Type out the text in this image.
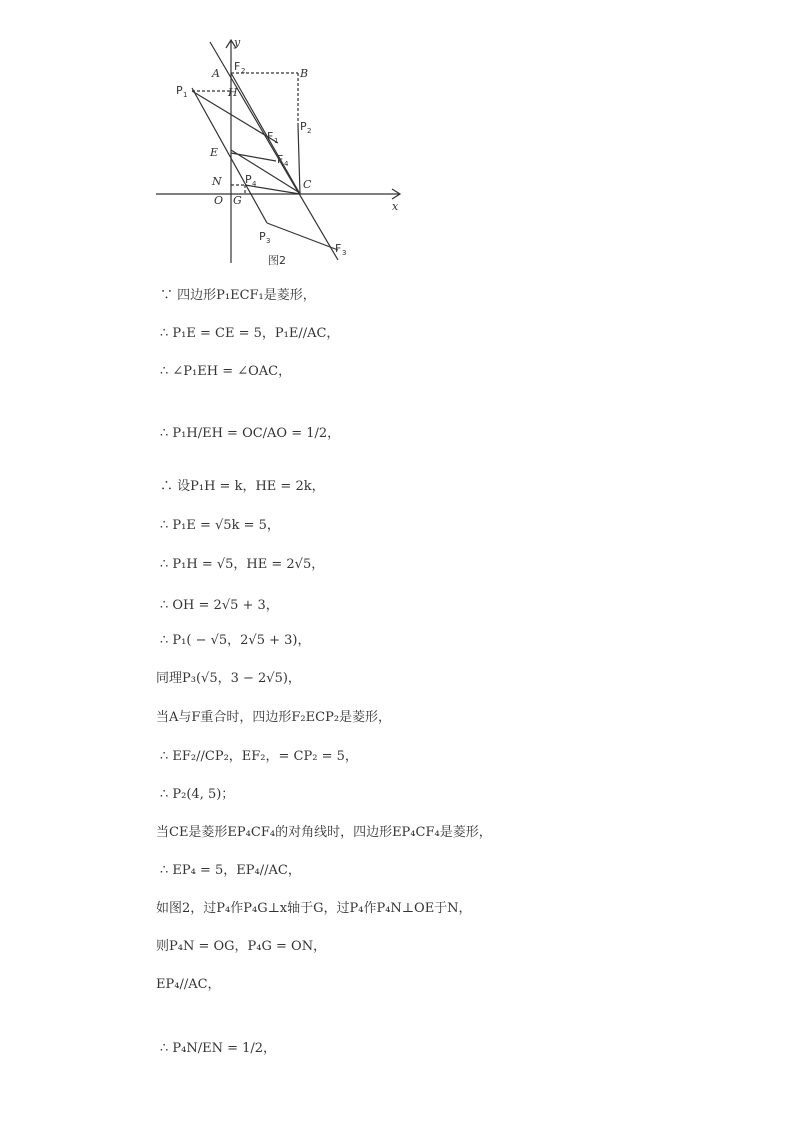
y
x
A	B
H
E
N	C
O G
F 2
P 1
P 2
F 1
F 4
P 4
P 3
F 3
图2
∵ 四边形P₁ECF₁是菱形，
∴ P₁E = CE = 5，P₁E//AC，
∴ ∠P₁EH = ∠OAC，
∴ P₁H/EH = OC/AO = 1/2，
∴ 设P₁H = k，HE = 2k，
∴ P₁E = √5k = 5，
∴ P₁H = √5，HE = 2√5，
∴ OH = 2√5 + 3，
∴ P₁( − √5，2√5 + 3)，
同理P₃(√5，3 − 2√5)，
当A与F重合时，四边形F₂ECP₂是菱形，
∴ EF₂//CP₂，EF₂，= CP₂ = 5，
∴ P₂(4, 5)；
当CE是菱形EP₄CF₄的对角线时，四边形EP₄CF₄是菱形，
∴ EP₄ = 5，EP₄//AC，
如图2，过P₄作P₄G⊥x轴于G，过P₄作P₄N⊥OE于N，
则P₄N = OG，P₄G = ON，
EP₄//AC，
∴ P₄N/EN = 1/2，
